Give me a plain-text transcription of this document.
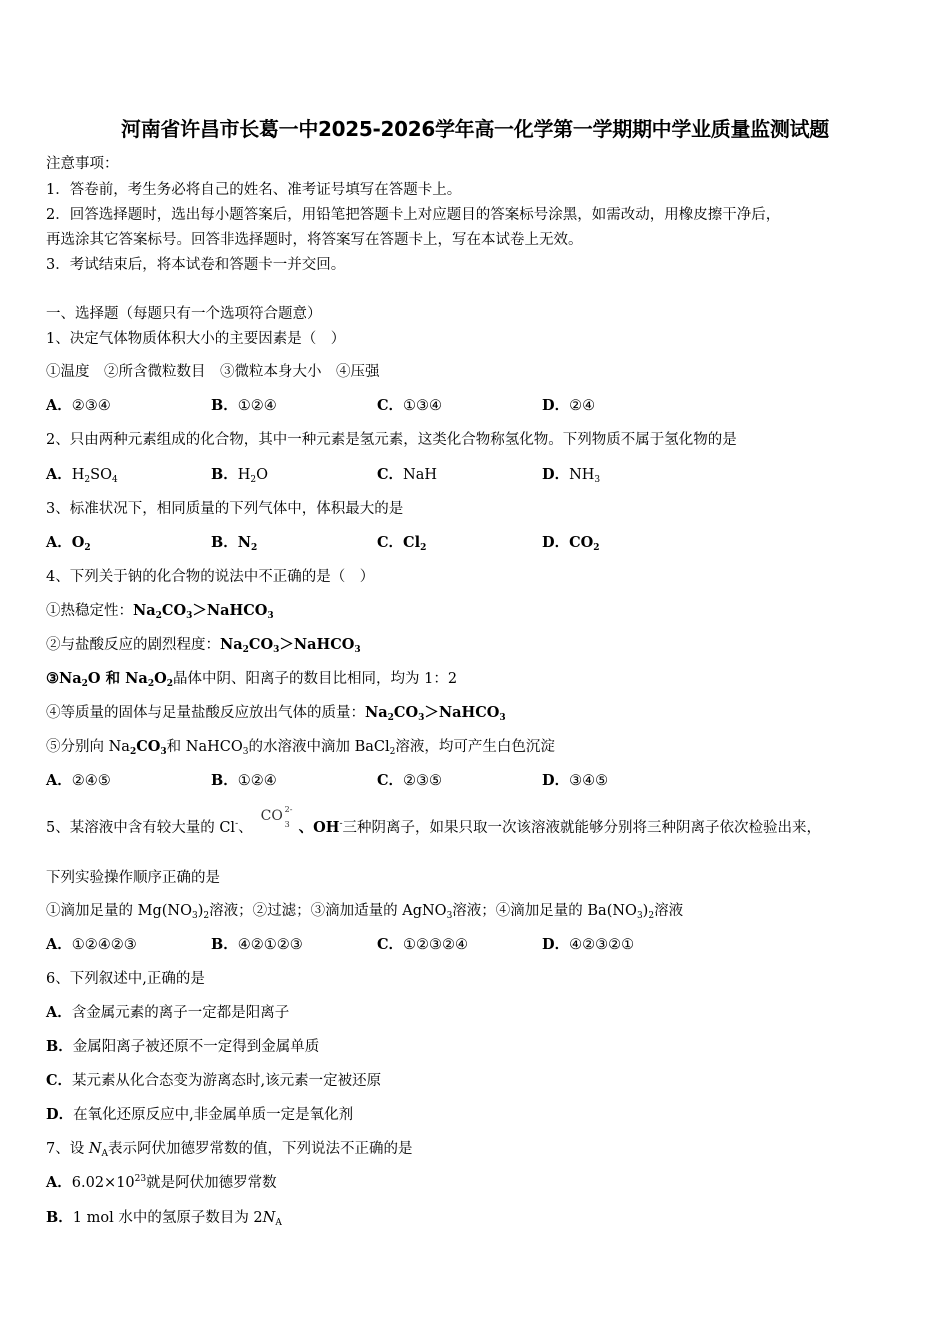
河南省许昌市长葛一中2025-2026学年高一化学第一学期期中学业质量监测试题
注意事项：
1．答卷前，考生务必将自己的姓名、准考证号填写在答题卡上。
2．回答选择题时，选出每小题答案后，用铅笔把答题卡上对应题目的答案标号涂黑，如需改动，用橡皮擦干净后，
再选涂其它答案标号。回答非选择题时，将答案写在答题卡上，写在本试卷上无效。
3．考试结束后，将本试卷和答题卡一并交回。
一、选择题（每题只有一个选项符合题意）
1、决定气体物质体积大小的主要因素是（　）
①温度　②所含微粒数目　③微粒本身大小　④压强
A．②③④	B．①②④	C．①③④	D．②④
2、只由两种元素组成的化合物，其中一种元素是氢元素，这类化合物称氢化物。下列物质不属于氢化物的是
A．$H_2SO_4$	B．$H_2O$	C．NaH	D．$NH_3$
3、标准状况下，相同质量的下列气体中，体积最大的是
A．$O_2$	B．$N_2$	C．$Cl_2$	D．$CO_2$
4、下列关于钠的化合物的说法中不正确的是（　）
①热稳定性：$Na_2CO_3>NaHCO_3$
②与盐酸反应的剧烈程度：$Na_2CO_3>NaHCO_3$
$③Na_2O$ 和 $Na_2O_2$晶体中阴、阳离子的数目比相同，均为 1：2
④等质量的固体与足量盐酸反应放出气体的质量：$Na_2CO_3>NaHCO_3$
⑤分别向 $Na_2CO_3$和 NaHCO$_3$的水溶液中滴加 BaCl$_2$溶液，均可产生白色沉淀
A．②④⑤	B．①②④	C．②③⑤	D．③④⑤
5、某溶液中含有较大量的 Cl-、
CO 2-
3 、OH-三种阴离子，如果只取一次该溶液就能够分别将三种阴离子依次检验出来，
下列实验操作顺序正确的是
①滴加足量的 $Mg(NO_3)_2$溶液；②过滤；③滴加适量的 AgNO$_3$溶液；④滴加足量的 $Ba(NO_3)_2$溶液
A．①②④②③	B．④②①②③	C．①②③②④	D．④②③②①
6、下列叙述中,正确的是
A．含金属元素的离子一定都是阳离子
B．金属阳离子被还原不一定得到金属单质
C．某元素从化合态变为游离态时,该元素一定被还原
D．在氧化还原反应中,非金属单质一定是氧化剂
7、设 $N_A$表示阿伏加德罗常数的值，下列说法不正确的是
A．$6.02\times 10^{23}$就是阿伏加德罗常数
B．1 mol 水中的氢原子数目为 $2N_A$
